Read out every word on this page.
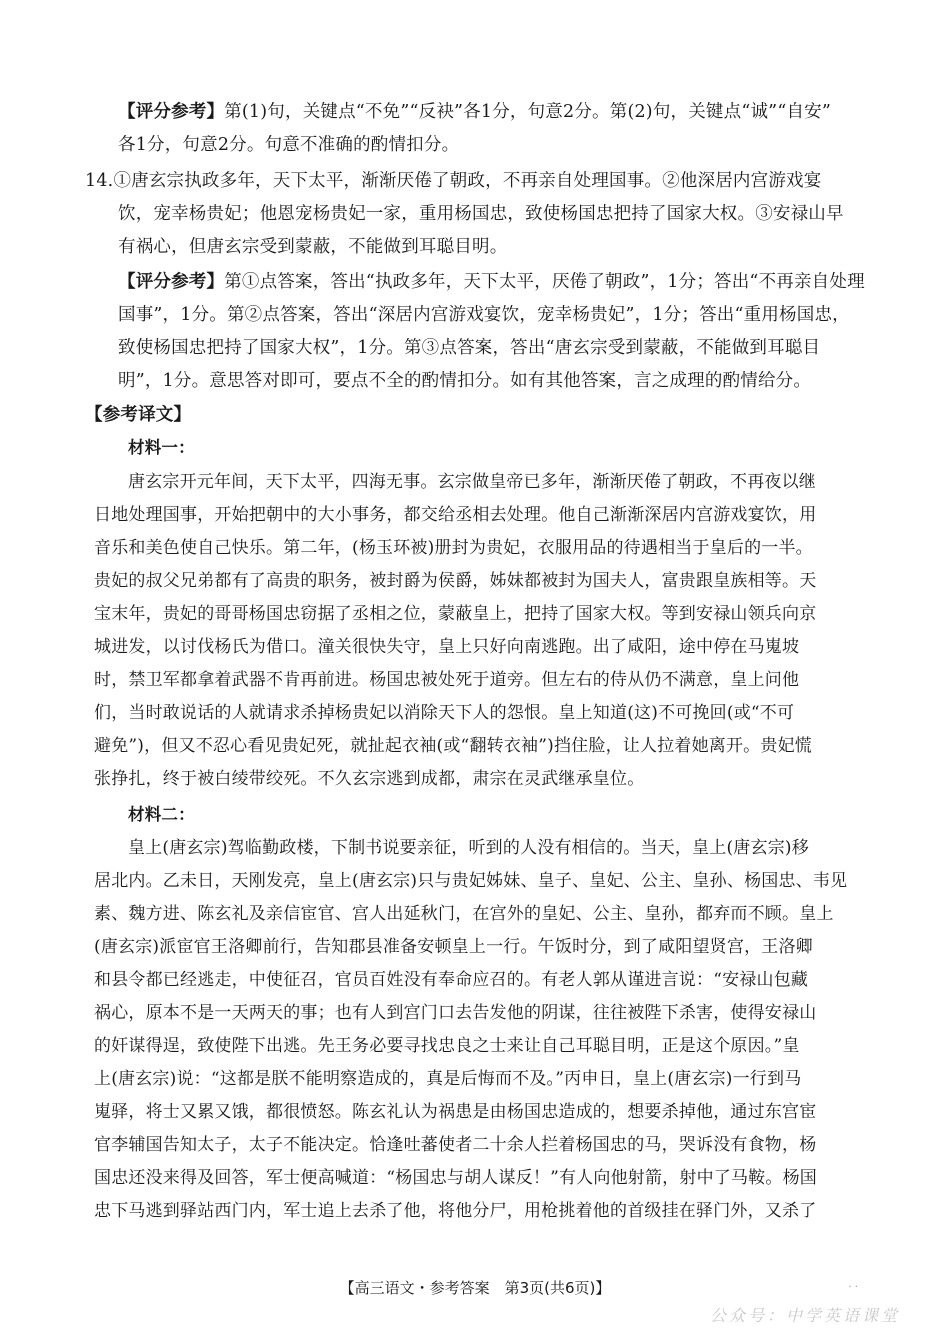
【评分参考】第(1)句，关键点“不免”“反袂”各1分，句意2分。第(2)句，关键点“诚”“自安”
各1分，句意2分。句意不准确的酌情扣分。
14.①唐玄宗执政多年，天下太平，渐渐厌倦了朝政，不再亲自处理国事。②他深居内宫游戏宴
饮，宠幸杨贵妃；他恩宠杨贵妃一家，重用杨国忠，致使杨国忠把持了国家大权。③安禄山早
有祸心，但唐玄宗受到蒙蔽，不能做到耳聪目明。
【评分参考】第①点答案，答出“执政多年，天下太平，厌倦了朝政”，1分；答出“不再亲自处理
国事”，1分。第②点答案，答出“深居内宫游戏宴饮，宠幸杨贵妃”，1分；答出“重用杨国忠，
致使杨国忠把持了国家大权”，1分。第③点答案，答出“唐玄宗受到蒙蔽，不能做到耳聪目
明”，1分。意思答对即可，要点不全的酌情扣分。如有其他答案，言之成理的酌情给分。
【参考译文】
材料一：
唐玄宗开元年间，天下太平，四海无事。玄宗做皇帝已多年，渐渐厌倦了朝政，不再夜以继
日地处理国事，开始把朝中的大小事务，都交给丞相去处理。他自己渐渐深居内宫游戏宴饮，用
音乐和美色使自己快乐。第二年，(杨玉环被)册封为贵妃，衣服用品的待遇相当于皇后的一半。
贵妃的叔父兄弟都有了高贵的职务，被封爵为侯爵，姊妹都被封为国夫人，富贵跟皇族相等。天
宝末年，贵妃的哥哥杨国忠窃据了丞相之位，蒙蔽皇上，把持了国家大权。等到安禄山领兵向京
城进发，以讨伐杨氏为借口。潼关很快失守，皇上只好向南逃跑。出了咸阳，途中停在马嵬坡
时，禁卫军都拿着武器不肯再前进。杨国忠被处死于道旁。但左右的侍从仍不满意，皇上问他
们，当时敢说话的人就请求杀掉杨贵妃以消除天下人的怨恨。皇上知道(这)不可挽回(或“不可
避免”)，但又不忍心看见贵妃死，就扯起衣袖(或“翻转衣袖”)挡住脸，让人拉着她离开。贵妃慌
张挣扎，终于被白绫带绞死。不久玄宗逃到成都，肃宗在灵武继承皇位。
材料二：
皇上(唐玄宗)驾临勤政楼，下制书说要亲征，听到的人没有相信的。当天，皇上(唐玄宗)移
居北内。乙未日，天刚发亮，皇上(唐玄宗)只与贵妃姊妹、皇子、皇妃、公主、皇孙、杨国忠、韦见
素、魏方进、陈玄礼及亲信宦官、宫人出延秋门，在宫外的皇妃、公主、皇孙，都弃而不顾。皇上
(唐玄宗)派宦官王洛卿前行，告知郡县准备安顿皇上一行。午饭时分，到了咸阳望贤宫，王洛卿
和县令都已经逃走，中使征召，官员百姓没有奉命应召的。有老人郭从谨进言说：“安禄山包藏
祸心，原本不是一天两天的事；也有人到宫门口去告发他的阴谋，往往被陛下杀害，使得安禄山
的奸谋得逞，致使陛下出逃。先王务必要寻找忠良之士来让自己耳聪目明，正是这个原因。”皇
上(唐玄宗)说：“这都是朕不能明察造成的，真是后悔而不及。”丙申日，皇上(唐玄宗)一行到马
嵬驿，将士又累又饿，都很愤怒。陈玄礼认为祸患是由杨国忠造成的，想要杀掉他，通过东宫宦
官李辅国告知太子，太子不能决定。恰逢吐蕃使者二十余人拦着杨国忠的马，哭诉没有食物，杨
国忠还没来得及回答，军士便高喊道：“杨国忠与胡人谋反！”有人向他射箭，射中了马鞍。杨国
忠下马逃到驿站西门内，军士追上去杀了他，将他分尸，用枪挑着他的首级挂在驿门外，又杀了
【高三语文・参考答案　第3页(共6页)】	· ·
公众号：中学英语课堂
